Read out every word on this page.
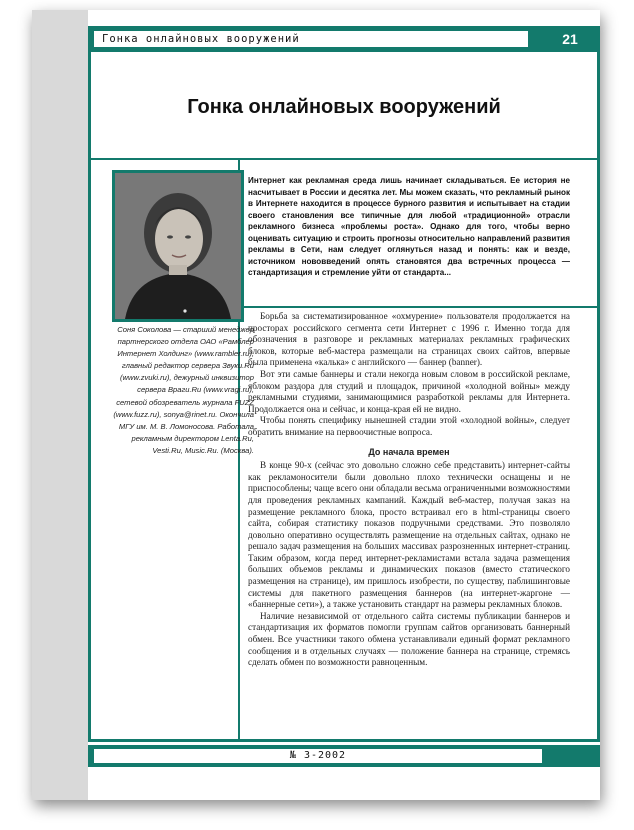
Гонка онлайновых вооружений	21
Гонка онлайновых вооружений
Соня Соколова — старший менеджер партнерского отдела ОАО «Рамблер Интернет Холдинг» (www.rambler.ru), главный редактор сервера Звуки.Ru (www.zvuki.ru), дежурный инквизитор сервера Враги.Ru (www.vragi.ru), сетевой обозреватель журнала FUZZ (www.fuzz.ru), sonya@rinet.ru. Окончила МГУ им. М. В. Ломоносова. Работала рекламным директором Lenta.Ru, Vesti.Ru, Music.Ru. (Москва).
Интернет как рекламная среда лишь начинает складываться. Ее история не насчитывает в России и десятка лет. Мы можем сказать, что рекламный рынок в Интернете находится в процессе бурного развития и испытывает на стадии своего становления все типичные для любой «традиционной» отрасли рекламного бизнеса «проблемы роста». Однако для того, чтобы верно оценивать ситуацию и строить прогнозы относительно направлений развития рекламы в Сети, нам следует оглянуться назад и понять: как и везде, источником нововведений опять становятся два встречных процесса — стандартизация и стремление уйти от стандарта...

Борьба за систематизированное «охмурение» пользователя продолжается на просторах российского сегмента сети Интернет с 1996 г. Именно тогда для обозначения в разговоре и рекламных материалах рекламных графических блоков, которые веб-мастера размещали на страницах своих сайтов, впервые была применена «калька» с английского — баннер (banner).

Вот эти самые баннеры и стали некогда новым словом в российской рекламе, яблоком раздора для студий и площадок, причиной «холодной войны» между рекламными студиями, занимающимися разработкой рекламы для Интернета. Продолжается она и сейчас, и конца-края ей не видно.

Чтобы понять специфику нынешней стадии этой «холодной войны», следует обратить внимание на первоочистные вопроса.

До начала времен

В конце 90-х (сейчас это довольно сложно себе представить) интернет-сайты как рекламоносители были довольно плохо технически оснащены и не приспособлены; чаще всего они обладали весьма ограниченными возможностями для проведения рекламных кампаний. Каждый веб-мастер, получая заказ на размещение рекламного блока, просто встраивал его в html-страницы своего сайта, собирая статистику показов подручными средствами. Это позволяло довольно оперативно осуществлять размещение на отдельных сайтах, однако не решало задач размещения на больших массивах разрозненных интернет-страниц. Таким образом, когда перед интернет-рекламистами встала задача размещения больших объемов рекламы и динамических показов (вместо статического размещения на странице), им пришлось изобрести, по существу, паблишинговые системы для пакетного размещения баннеров (на интернет-жаргоне — «баннерные сети»), а также установить стандарт на размеры рекламных блоков.

Наличие независимой от отдельного сайта системы публикации баннеров и стандартизация их форматов помогли группам сайтов организовать баннерный обмен. Все участники такого обмена устанавливали единый формат рекламного сообщения и в отдельных случаях — положение баннера на странице, стремясь сделать обмен по возможности равноценным.

№ 3-2002
